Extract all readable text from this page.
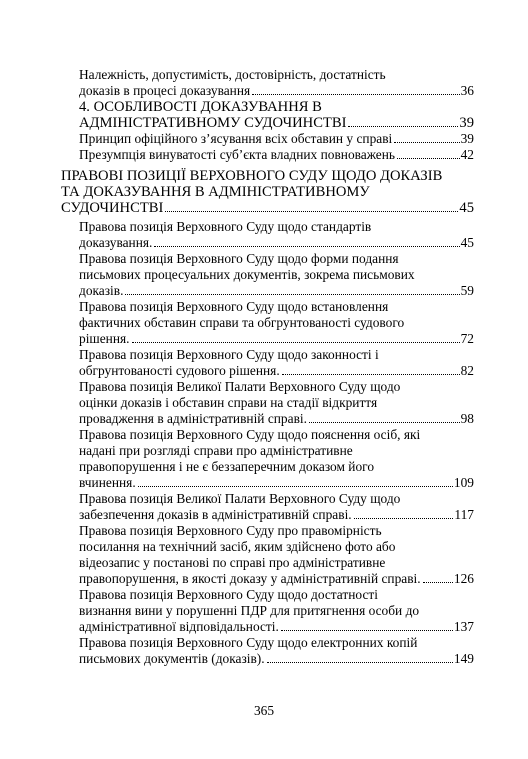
Належність, допустимість, достовірність, достатність
доказів в процесі доказування	36
4. ОСОБЛИВОСТІ ДОКАЗУВАННЯ В
АДМІНІСТРАТИВНОМУ СУДОЧИНСТВІ	39
Принцип офіційного з’ясування всіх обставин у справі	39
Презумпція винуватості суб’єкта владних повноважень	42
ПРАВОВІ ПОЗИЦІЇ ВЕРХОВНОГО СУДУ ЩОДО ДОКАЗІВ
ТА ДОКАЗУВАННЯ В АДМІНІСТРАТИВНОМУ
СУДОЧИНСТВІ	45
Правова позиція Верховного Суду щодо стандартів
доказування.	45
Правова позиція Верховного Суду щодо форми подання
письмових процесуальних документів, зокрема письмових
доказів.	59
Правова позиція Верховного Суду щодо встановлення
фактичних обставин справи та обгрунтованості судового
рішення.	72
Правова позиція Верховного Суду щодо законності і
обгрунтованості судового рішення.	82
Правова позиція Великої Палати Верховного Суду щодо
оцінки доказів і обставин справи на стадії відкриття
провадження в адміністративній справі.	98
Правова позиція Верховного Суду щодо пояснення осіб, які
надані при розгляді справи про адміністративне
правопорушення і не є беззаперечним доказом його
вчинення.	109
Правова позиція Великої Палати Верховного Суду щодо
забезпечення доказів в адміністративній справі.	117
Правова позиція Верховного Суду про правомірність
посилання на технічний засіб, яким здійснено фото або
відеозапис у постанові по справі про адміністративне
правопорушення, в якості доказу у адміністративній справі. 126
Правова позиція Верховного Суду щодо достатності
визнання вини у порушенні ПДР для притягнення особи до
адміністративної відповідальності.	137
Правова позиція Верховного Суду щодо електронних копій
письмових документів (доказів).	149
365
